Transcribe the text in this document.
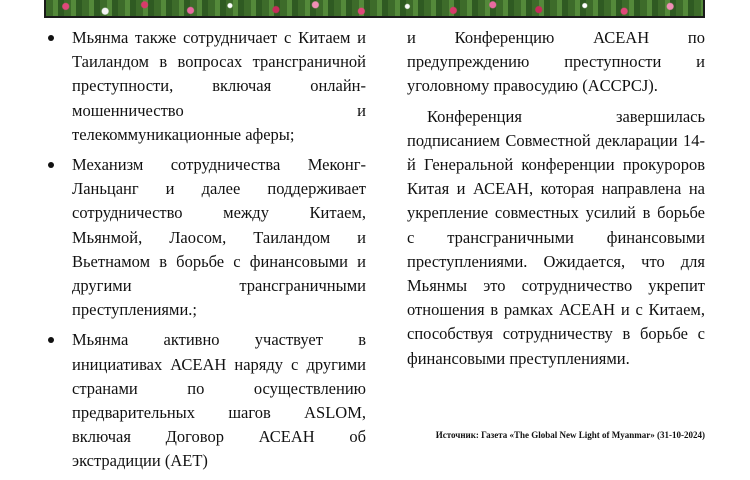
Мьянма также сотрудничает с Китаем и Таиландом в вопросах трансграничной преступности, включая онлайн-мошенничество и телекоммуникационные аферы;
Механизм сотрудничества Меконг-Ланьцанг и далее поддерживает сотрудничество между Китаем, Мьянмой, Лаосом, Таиландом и Вьетнамом в борьбе с финансовыми и другими трансграничными преступлениями.;
Мьянма активно участвует в инициативах АСЕАН наряду с другими странами по осуществлению предварительных шагов ASLOM, включая Договор АСЕАН об экстрадиции (AET)

и Конференцию АСЕАН по предупреждению преступности и уголовному правосудию (ACCPCJ).

Конференция завершилась подписанием Совместной декларации 14-й Генеральной конференции прокуроров Китая и АСЕАН, которая направлена на укрепление совместных усилий в борьбе с трансграничными финансовыми преступлениями. Ожидается, что для Мьянмы это сотрудничество укрепит отношения в рамках АСЕАН и с Китаем, способствуя сотрудничеству в борьбе с финансовыми преступлениями.

Источник: Газета «The Global New Light of Myanmar» (31-10-2024)
